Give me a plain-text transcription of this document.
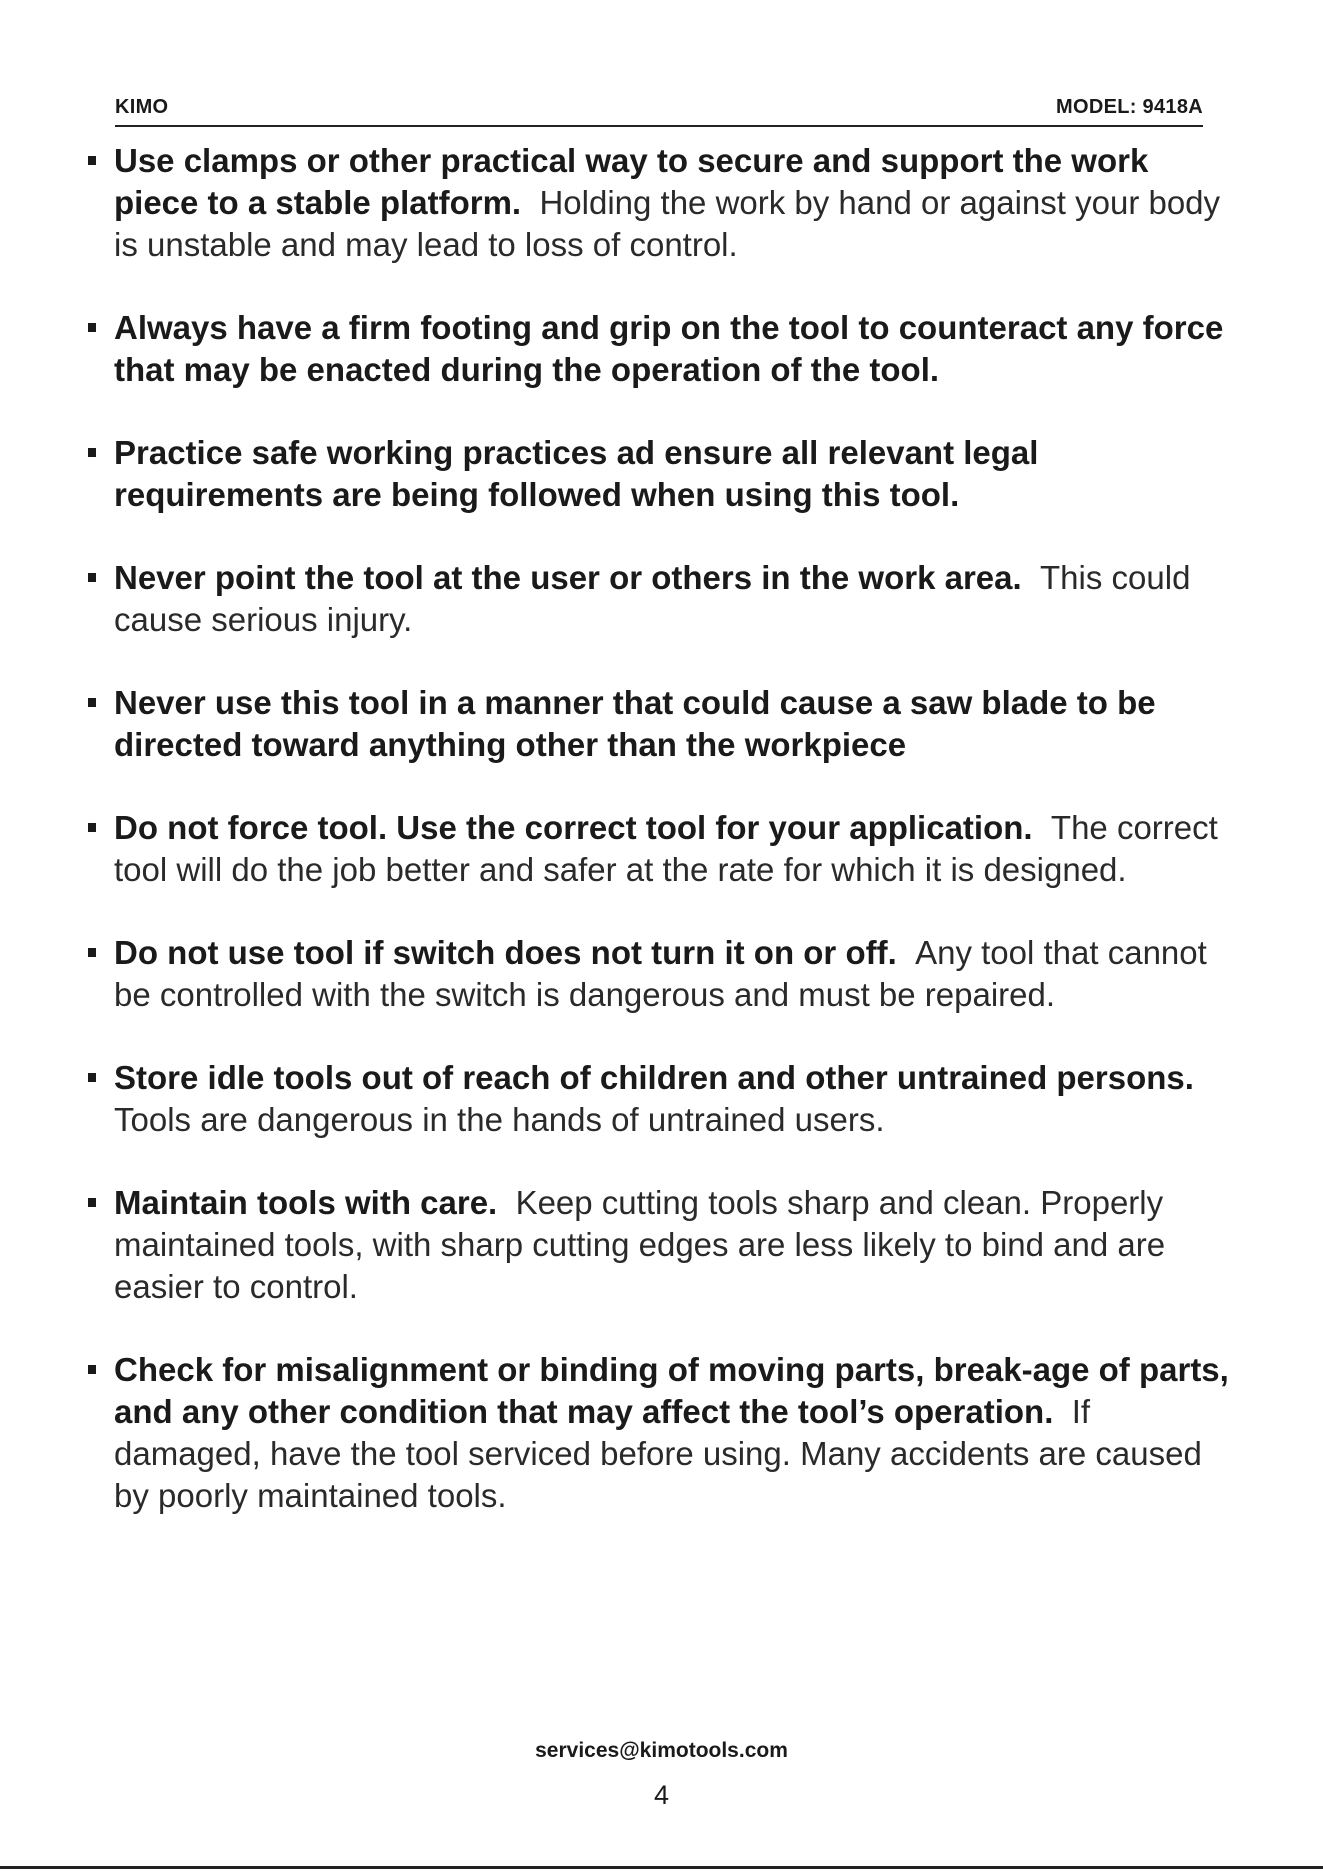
KIMO	MODEL: 9418A
Use clamps or other practical way to secure and support the work piece to a stable platform.  Holding the work by hand or against your body is unstable and may lead to loss of control.
Always have a firm footing and grip on the tool to counteract any force that may be enacted during the operation of the tool.
Practice safe working practices ad ensure all relevant legal requirements are being followed when using this tool.
Never point the tool at the user or others in the work area.  This could cause serious injury.
Never use this tool in a manner that could cause a saw blade to be directed toward anything other than the workpiece
Do not force tool. Use the correct tool for your application.  The correct tool will do the job better and safer at the rate for which it is designed.
Do not use tool if switch does not turn it on or off.  Any tool that cannot be controlled with the switch is dangerous and must be repaired.
Store idle tools out of reach of children and other untrained persons.  Tools are dangerous in the hands of untrained users.
Maintain tools with care.  Keep cutting tools sharp and clean. Properly maintained tools, with sharp cutting edges are less likely to bind and are easier to control.
Check for misalignment or binding of moving parts, break-age of parts, and any other condition that may affect the tool’s operation.  If damaged, have the tool serviced before using. Many accidents are caused by poorly maintained tools.
services@kimotools.com
4
